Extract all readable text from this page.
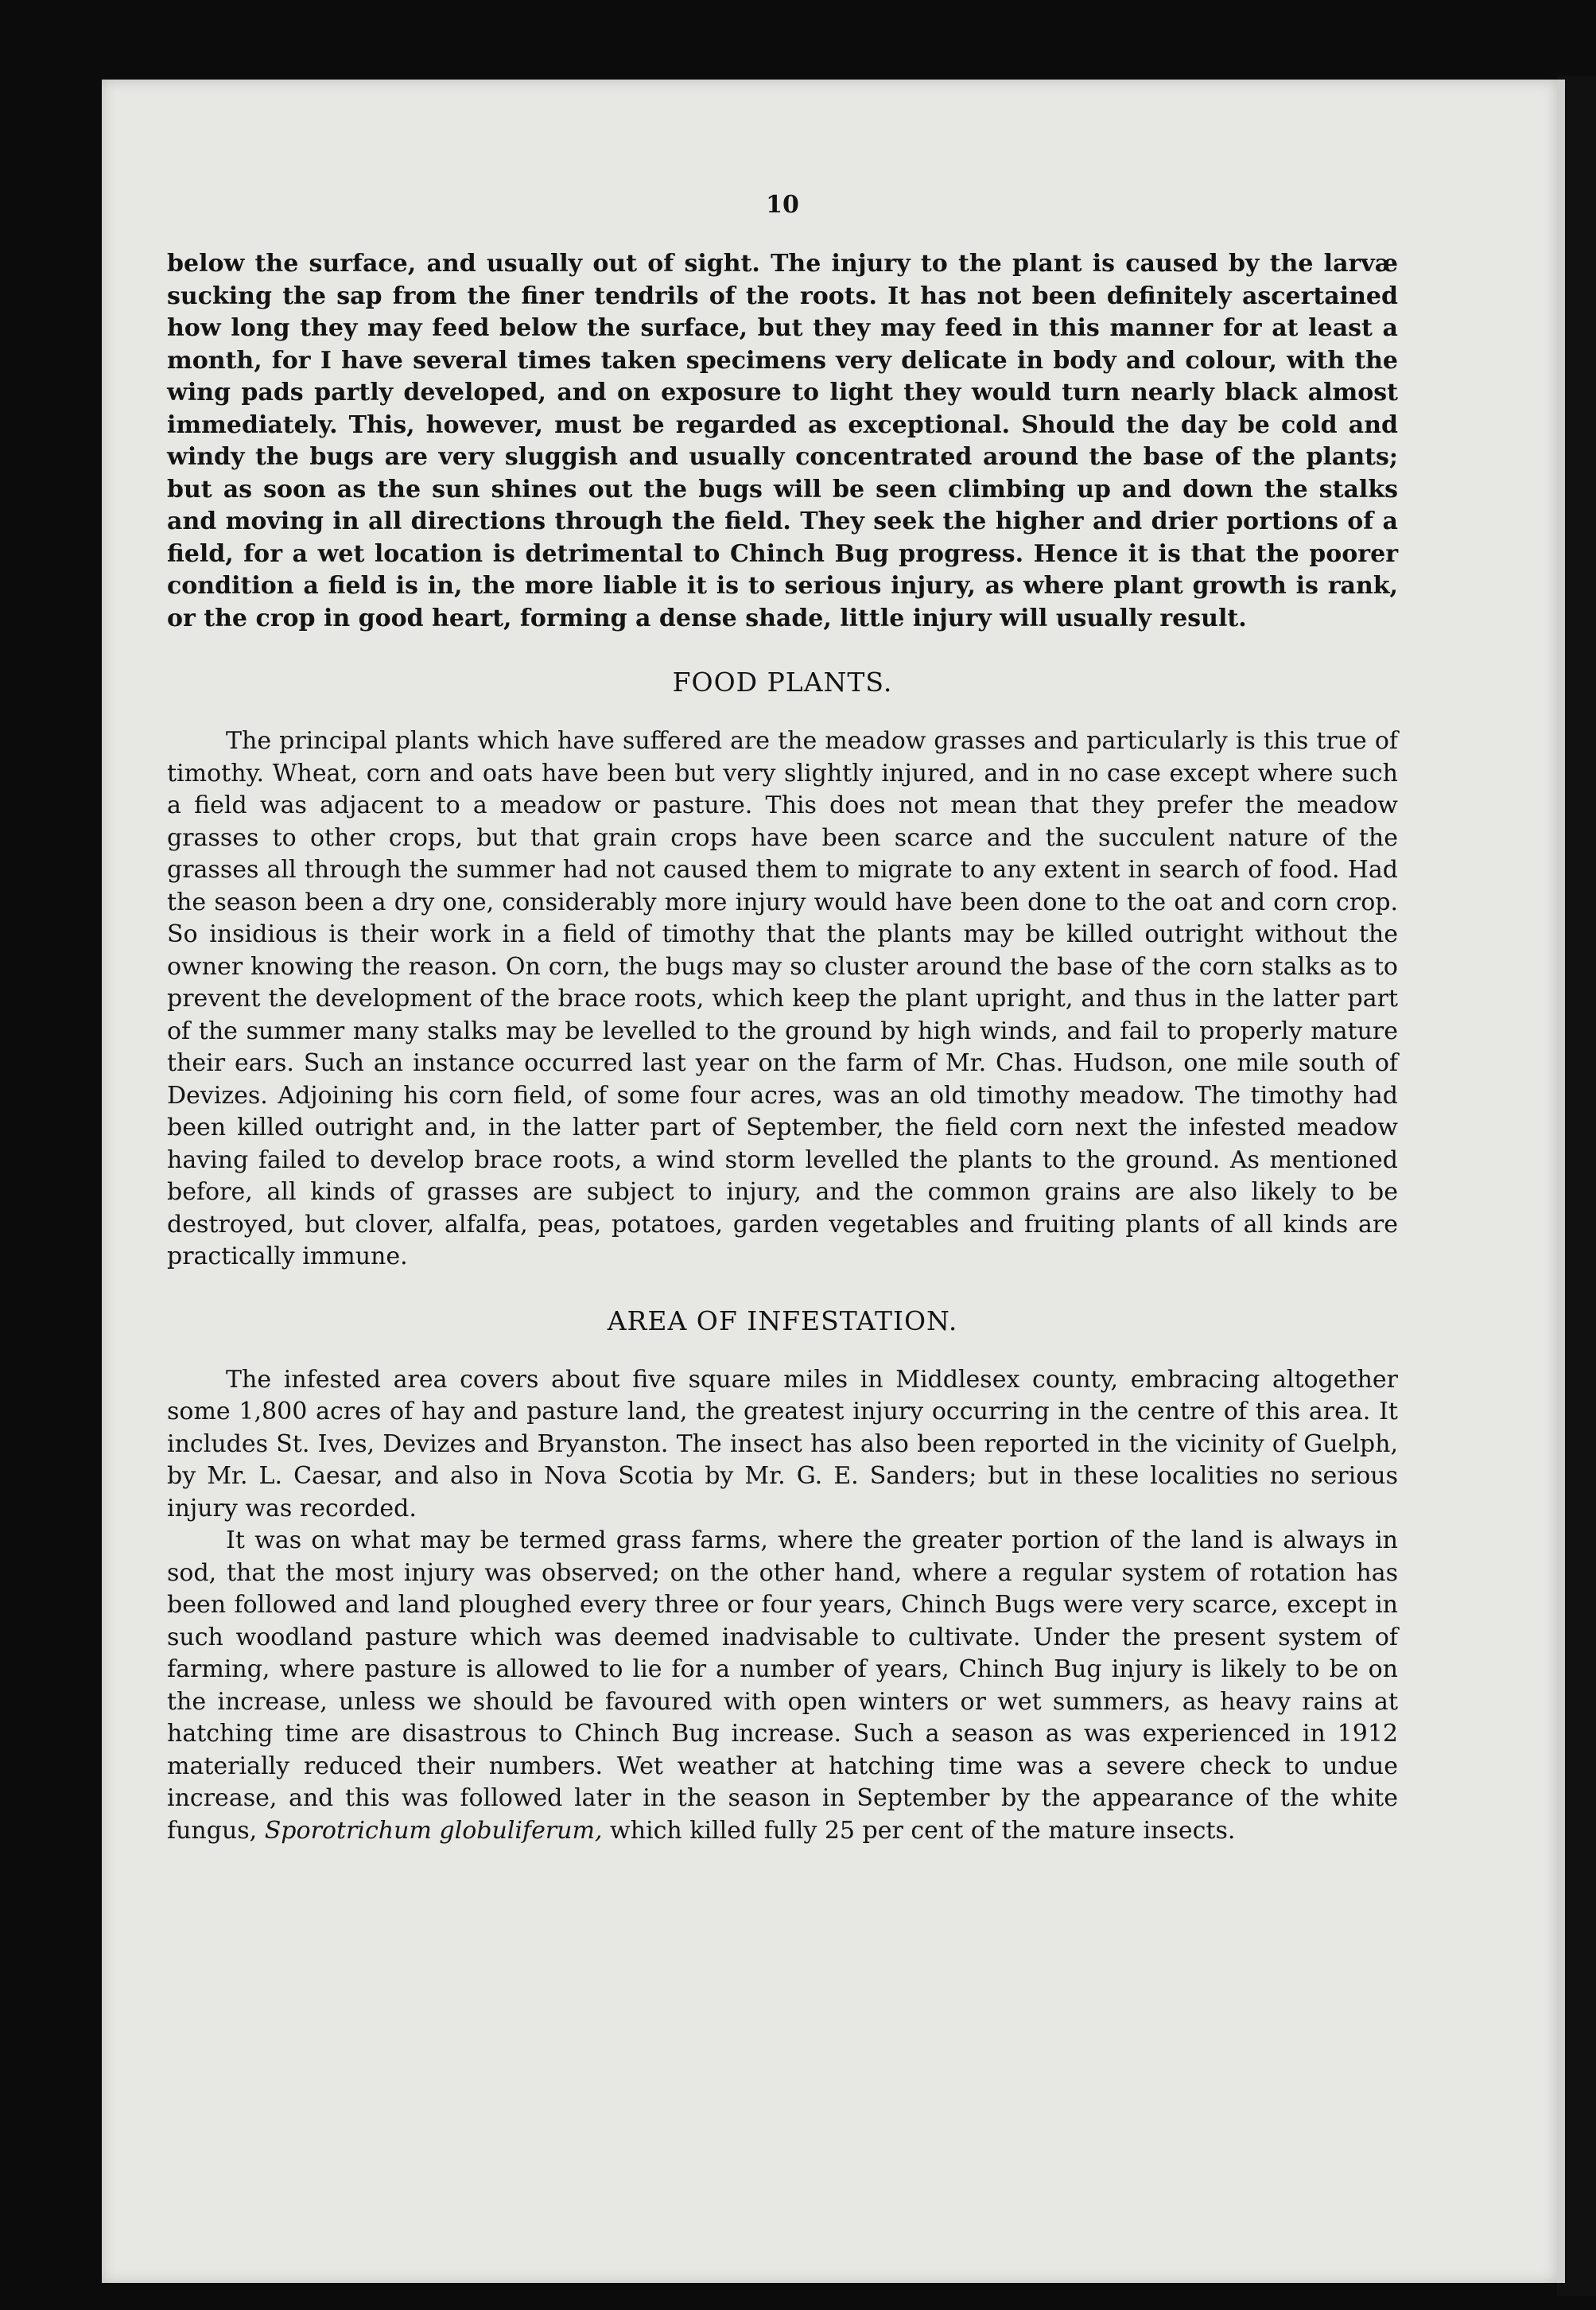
10

below the surface, and usually out of sight. The injury to the plant is caused by the larvæ sucking the sap from the finer tendrils of the roots. It has not been definitely ascertained how long they may feed below the surface, but they may feed in this manner for at least a month, for I have several times taken specimens very delicate in body and colour, with the wing pads partly developed, and on exposure to light they would turn nearly black almost immediately. This, however, must be regarded as exceptional. Should the day be cold and windy the bugs are very sluggish and usually concentrated around the base of the plants; but as soon as the sun shines out the bugs will be seen climbing up and down the stalks and moving in all directions through the field. They seek the higher and drier portions of a field, for a wet location is detrimental to Chinch Bug progress. Hence it is that the poorer condition a field is in, the more liable it is to serious injury, as where plant growth is rank, or the crop in good heart, forming a dense shade, little injury will usually result.

FOOD PLANTS.

The principal plants which have suffered are the meadow grasses and particularly is this true of timothy. Wheat, corn and oats have been but very slightly injured, and in no case except where such a field was adjacent to a meadow or pasture. This does not mean that they prefer the meadow grasses to other crops, but that grain crops have been scarce and the succulent nature of the grasses all through the summer had not caused them to migrate to any extent in search of food. Had the season been a dry one, considerably more injury would have been done to the oat and corn crop. So insidious is their work in a field of timothy that the plants may be killed outright without the owner knowing the reason. On corn, the bugs may so cluster around the base of the corn stalks as to prevent the development of the brace roots, which keep the plant upright, and thus in the latter part of the summer many stalks may be levelled to the ground by high winds, and fail to properly mature their ears. Such an instance occurred last year on the farm of Mr. Chas. Hudson, one mile south of Devizes. Adjoining his corn field, of some four acres, was an old timothy meadow. The timothy had been killed outright and, in the latter part of September, the field corn next the infested meadow having failed to develop brace roots, a wind storm levelled the plants to the ground. As mentioned before, all kinds of grasses are subject to injury, and the common grains are also likely to be destroyed, but clover, alfalfa, peas, potatoes, garden vegetables and fruiting plants of all kinds are practically immune.

AREA OF INFESTATION.

The infested area covers about five square miles in Middlesex county, embracing altogether some 1,800 acres of hay and pasture land, the greatest injury occurring in the centre of this area. It includes St. Ives, Devizes and Bryanston. The insect has also been reported in the vicinity of Guelph, by Mr. L. Caesar, and also in Nova Scotia by Mr. G. E. Sanders; but in these localities no serious injury was recorded.

It was on what may be termed grass farms, where the greater portion of the land is always in sod, that the most injury was observed; on the other hand, where a regular system of rotation has been followed and land ploughed every three or four years, Chinch Bugs were very scarce, except in such woodland pasture which was deemed inadvisable to cultivate. Under the present system of farming, where pasture is allowed to lie for a number of years, Chinch Bug injury is likely to be on the increase, unless we should be favoured with open winters or wet summers, as heavy rains at hatching time are disastrous to Chinch Bug increase. Such a season as was experienced in 1912 materially reduced their numbers. Wet weather at hatching time was a severe check to undue increase, and this was followed later in the season in September by the appearance of the white fungus, Sporotrichum globuliferum, which killed fully 25 per cent of the mature insects.
